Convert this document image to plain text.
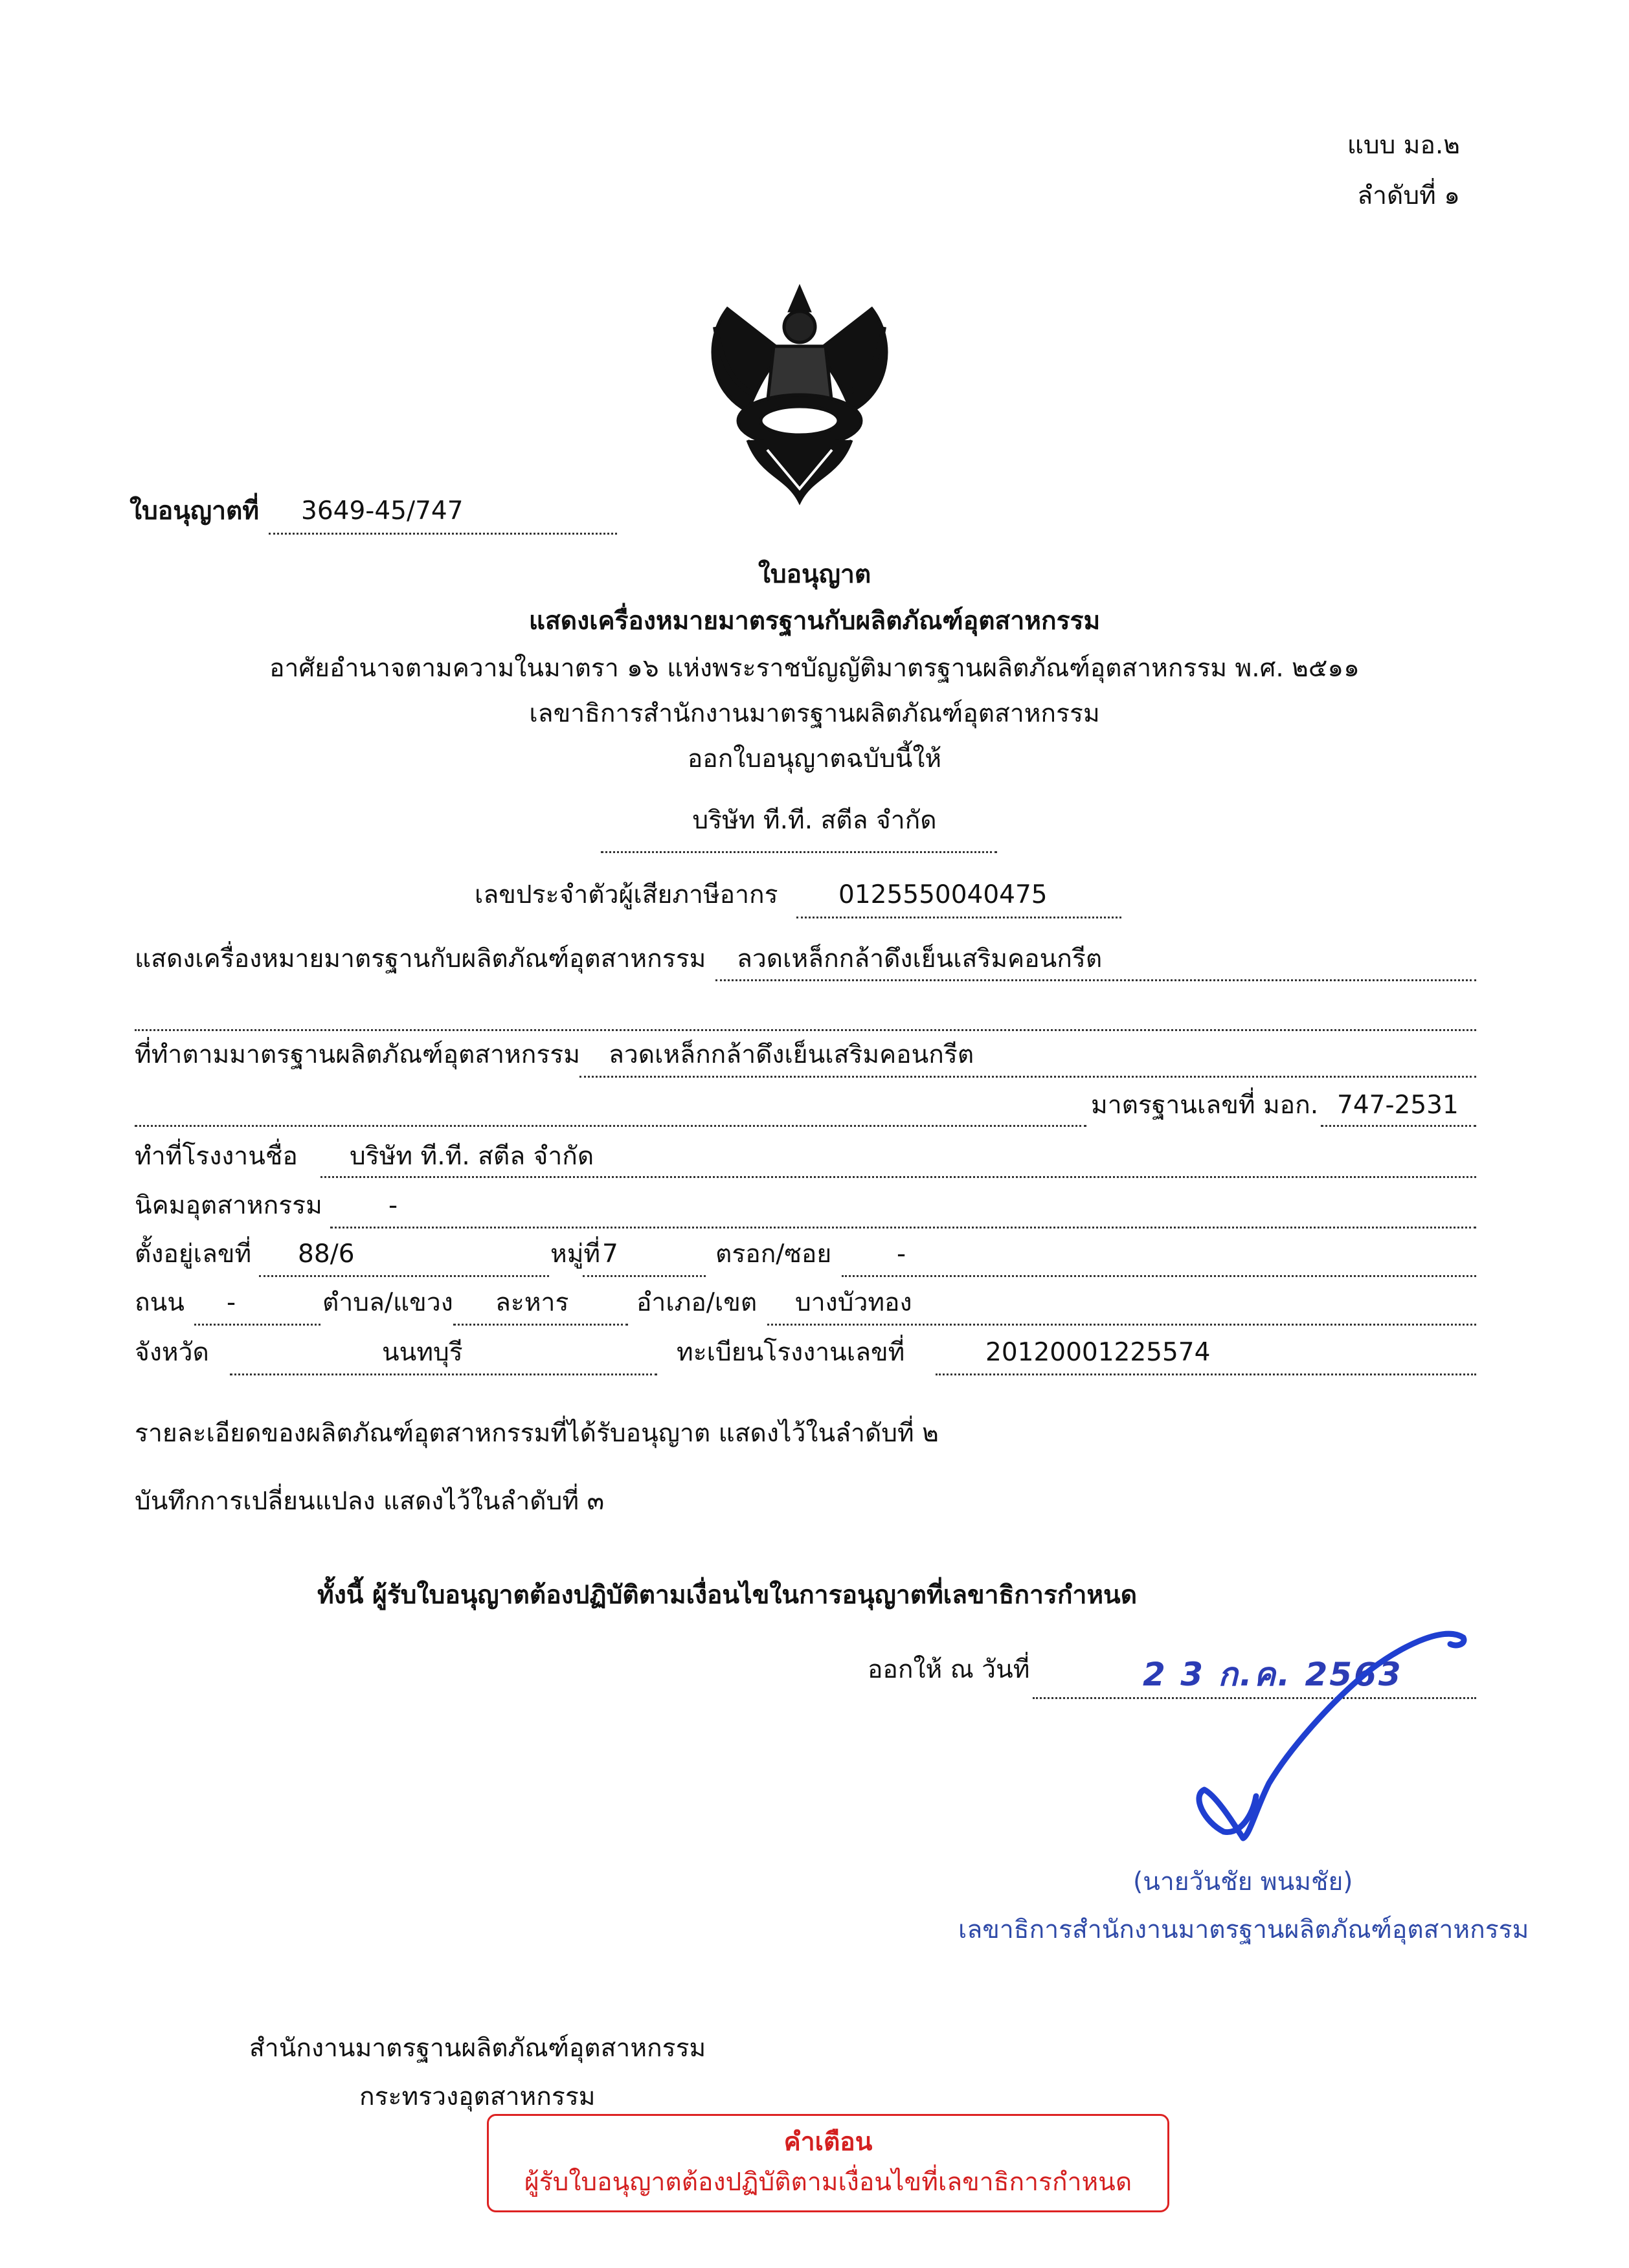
แบบ มอ.๒
ลำดับที่ ๑
ใบอนุญาตที่ 3649-45/747
ใบอนุญาต
แสดงเครื่องหมายมาตรฐานกับผลิตภัณฑ์อุตสาหกรรม
อาศัยอำนาจตามความในมาตรา ๑๖ แห่งพระราชบัญญัติมาตรฐานผลิตภัณฑ์อุตสาหกรรม พ.ศ. ๒๕๑๑
เลขาธิการสำนักงานมาตรฐานผลิตภัณฑ์อุตสาหกรรม
ออกใบอนุญาตฉบับนี้ให้
บริษัท ที.ที. สตีล จำกัด
เลขประจำตัวผู้เสียภาษีอากร 0125550040475
แสดงเครื่องหมายมาตรฐานกับผลิตภัณฑ์อุตสาหกรรม ลวดเหล็กกล้าดึงเย็นเสริมคอนกรีต
ที่ทำตามมาตรฐานผลิตภัณฑ์อุตสาหกรรม ลวดเหล็กกล้าดึงเย็นเสริมคอนกรีต
มาตรฐานเลขที่ มอก. 747-2531
ทำที่โรงงานชื่อ บริษัท ที.ที. สตีล จำกัด
นิคมอุตสาหกรรม	-
ตั้งอยู่เลขที่ 88/6	หมู่ที่ 7	ตรอก/ซอย	-
ถนน -	ตำบล/แขวง ละหาร	อำเภอ/เขต บางบัวทอง
จังหวัด	นนทบุรี	ทะเบียนโรงงานเลขที่	20120001225574
รายละเอียดของผลิตภัณฑ์อุตสาหกรรมที่ได้รับอนุญาต แสดงไว้ในลำดับที่ ๒
บันทึกการเปลี่ยนแปลง แสดงไว้ในลำดับที่ ๓
ทั้งนี้ ผู้รับใบอนุญาตต้องปฏิบัติตามเงื่อนไขในการอนุญาตที่เลขาธิการกำหนด
ออกให้ ณ วันที่	2 3 ก.ค. 2563
(นายวันชัย พนมชัย)
เลขาธิการสำนักงานมาตรฐานผลิตภัณฑ์อุตสาหกรรม
สำนักงานมาตรฐานผลิตภัณฑ์อุตสาหกรรม
กระทรวงอุตสาหกรรม
คำเตือน
ผู้รับใบอนุญาตต้องปฏิบัติตามเงื่อนไขที่เลขาธิการกำหนด
